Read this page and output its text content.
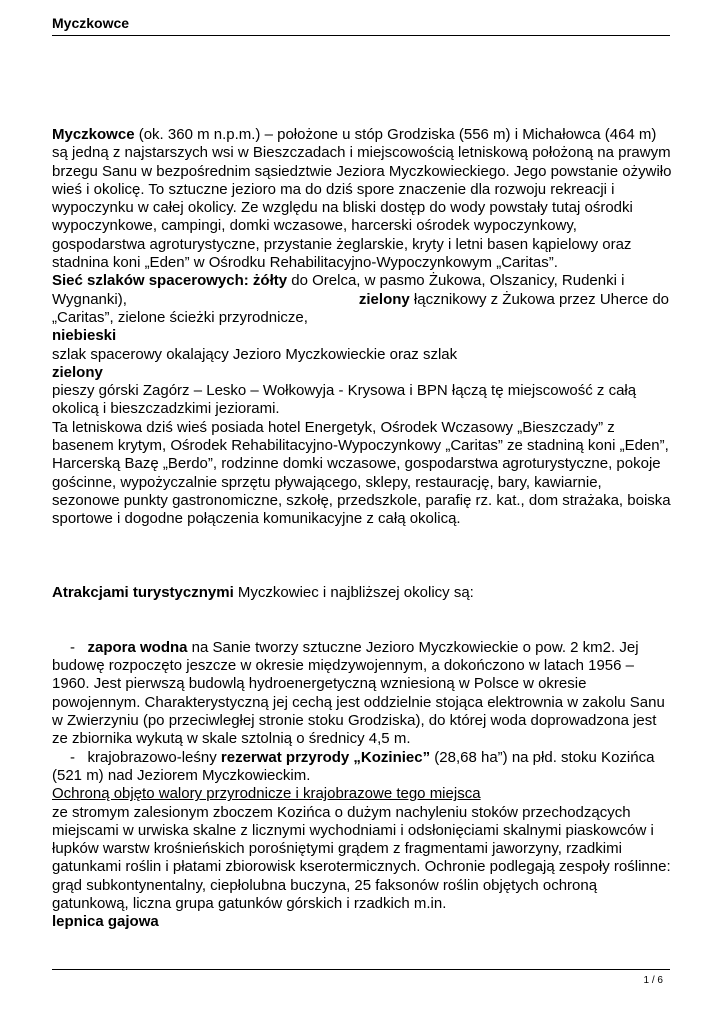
Myczkowce

Myczkowce (ok. 360 m n.p.m.) – położone u stóp Grodziska (556 m) i Michałowca (464 m) są jedną z najstarszych wsi w Bieszczadach i miejscowością letniskową położoną na prawym brzegu Sanu w bezpośrednim sąsiedztwie Jeziora Myczkowieckiego. Jego powstanie ożywiło wieś i okolicę. To sztuczne jezioro ma do dziś spore znaczenie dla rozwoju rekreacji i wypoczynku w całej okolicy. Ze względu na bliski dostęp do wody powstały tutaj ośrodki wypoczynkowe, campingi, domki wczasowe, harcerski ośrodek wypoczynkowy, gospodarstwa agroturystyczne, przystanie żeglarskie, kryty i letni basen kąpielowy oraz stadnina koni „Eden” w Ośrodku Rehabilitacyjno-Wypoczynkowym „Caritas”.

Sieć szlaków spacerowych: żółty do Orelca, w pasmo Żukowa, Olszanicy, Rudenki i Wygnanki),	zielony łącznikowy z Żukowa przez Uherce do „Caritas”, zielone ścieżki przyrodnicze,

niebieski

szlak spacerowy okalający Jezioro Myczkowieckie oraz szlak

zielony

pieszy górski Zagórz – Lesko – Wołkowyja - Krysowa i BPN łączą tę miejscowość z całą okolicą i bieszczadzkimi jeziorami.

Ta letniskowa dziś wieś posiada hotel Energetyk, Ośrodek Wczasowy „Bieszczady” z basenem krytym, Ośrodek Rehabilitacyjno-Wypoczynkowy „Caritas” ze stadniną koni „Eden”, Harcerską Bazę „Berdo”, rodzinne domki wczasowe, gospodarstwa agroturystyczne, pokoje gościnne, wypożyczalnie sprzętu pływającego, sklepy, restaurację, bary, kawiarnie, sezonowe punkty gastronomiczne, szkołę, przedszkole, parafię rz. kat., dom strażaka, boiska sportowe i dogodne połączenia komunikacyjne z całą okolicą.

Atrakcjami turystycznymi Myczkowiec i najbliższej okolicy są:

-   zapora wodna na Sanie tworzy sztuczne Jezioro Myczkowieckie o pow. 2 km2. Jej budowę rozpoczęto jeszcze w okresie międzywojennym, a dokończono w latach 1956 – 1960. Jest pierwszą budowlą hydroenergetyczną wzniesioną w Polsce w okresie powojennym. Charakterystyczną jej cechą jest oddzielnie stojąca elektrownia w zakolu Sanu w Zwierzyniu (po przeciwległej stronie stoku Grodziska), do której woda doprowadzona jest ze zbiornika wykutą w skale sztolnią o średnicy 4,5 m.

-   krajobrazowo-leśny rezerwat przyrody „Koziniec” (28,68 ha”) na płd. stoku Kozińca (521 m) nad Jeziorem Myczkowieckim.

Ochroną objęto walory przyrodnicze i krajobrazowe tego miejsca

ze stromym zalesionym zboczem Kozińca o dużym nachyleniu stoków przechodzących miejscami w urwiska skalne z licznymi wychodniami i odsłonięciami skalnymi piaskowców i łupków warstw krośnieńskich porośniętymi grądem z fragmentami jaworzyny, rzadkimi gatunkami roślin i płatami zbiorowisk kserotermicznych. Ochronie podlegają zespoły roślinne: grąd subkontynentalny, ciepłolubna buczyna, 25 faksonów roślin objętych ochroną gatunkową, liczna grupa gatunków górskich i rzadkich m.in.

lepnica gajowa

1 / 6
